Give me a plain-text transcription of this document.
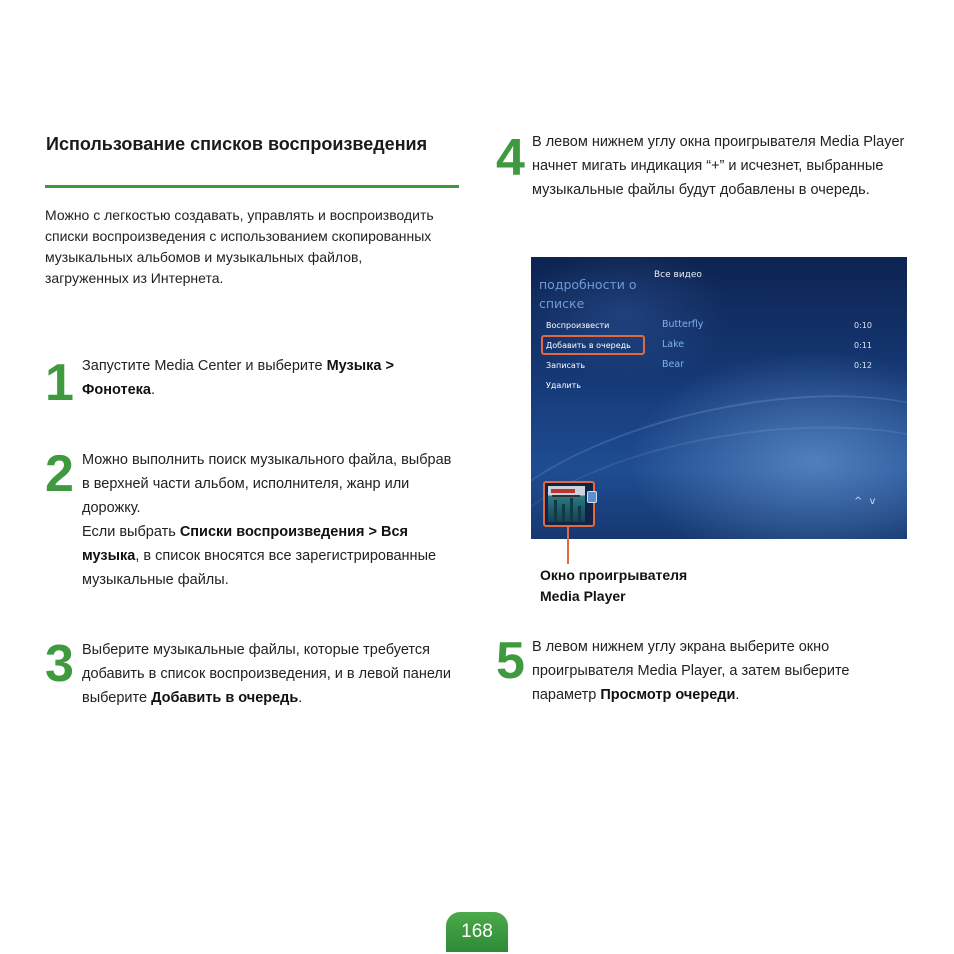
Использование списков воспроизведения
Можно с легкостью создавать, управлять и воспроизводить списки воспроизведения с использованием скопированных музыкальных альбомов и музыкальных файлов, загруженных из Интернета.
1 Запустите Media Center и выберите Музыка > Фонотека.
2 Можно выполнить поиск музыкального файла, выбрав в верхней части альбом, исполнителя, жанр или дорожку.
Если выбрать Списки воспроизведения > Вся музыка, в список вносятся все зарегистрированные музыкальные файлы.
3 Выберите музыкальные файлы, которые требуется добавить в список воспроизведения, и в левой панели выберите Добавить в очередь.
4 В левом нижнем углу окна проигрывателя Media Player начнет мигать индикация “+” и исчезнет, выбранные музыкальные файлы будут добавлены в очередь.
подробности о списке
Все видео
Воспроизвести
Добавить в очередь
Записать
Удалить
Butterfly
Lake
Bear
0:10
0:11
0:12
^ v
Окно проигрывателя
Media Player
5 В левом нижнем углу экрана выберите окно проигрывателя Media Player, а затем выберите параметр Просмотр очереди.
168
